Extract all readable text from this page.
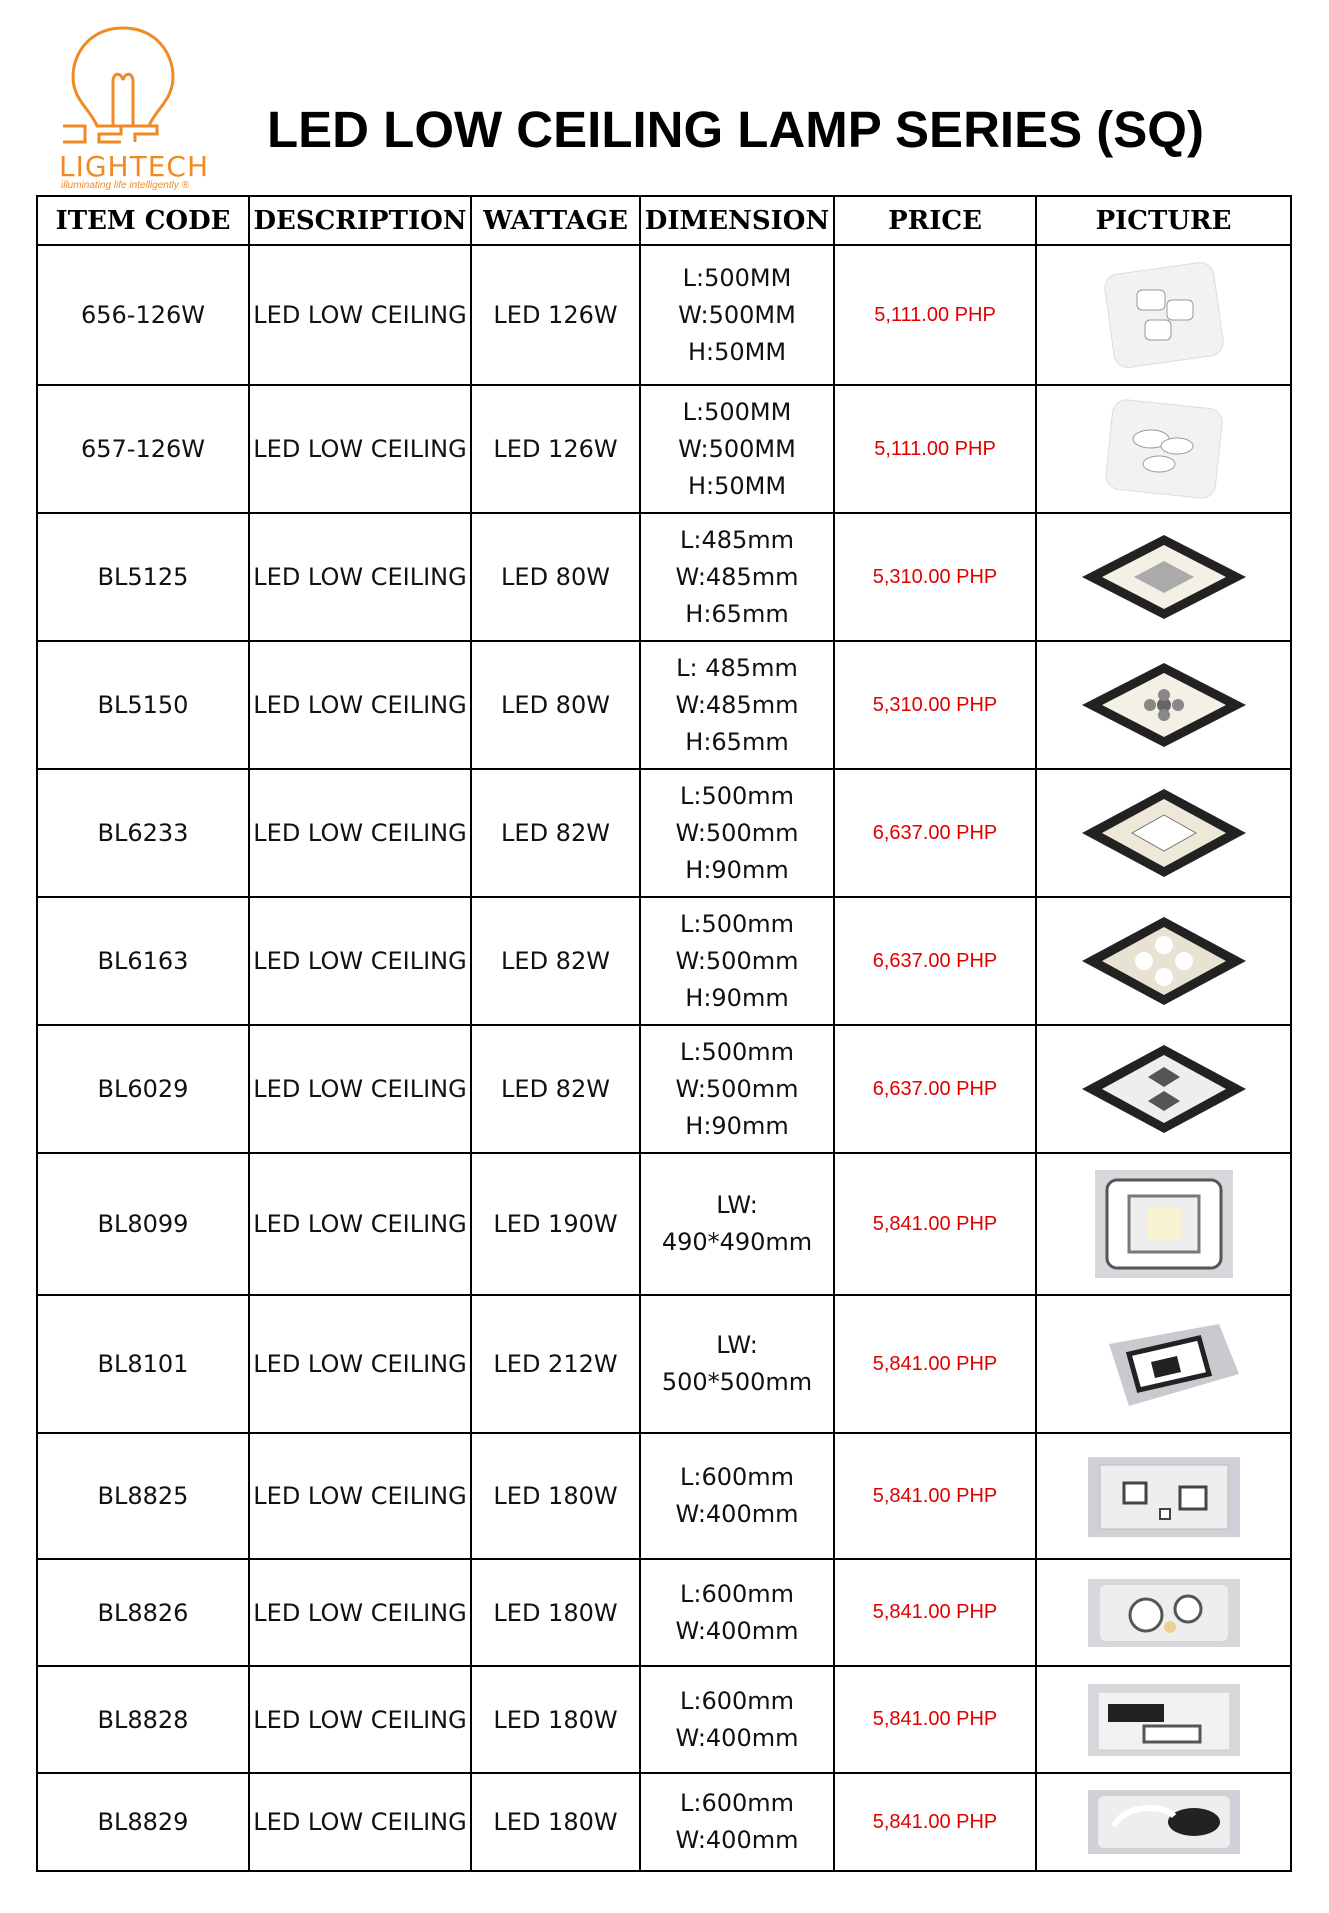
LIGHTECH
illuminating life intelligently ®
LED LOW CEILING LAMP SERIES (SQ)
ITEM CODE	DESCRIPTION	WATTAGE	DIMENSION	PRICE	PICTURE
656-126W	LED LOW CEILING	LED 126W	L:500MM
W:500MM
H:50MM	5,111.00 PHP	

657-126W	LED LOW CEILING	LED 126W	L:500MM
W:500MM
H:50MM	5,111.00 PHP	

BL5125	LED LOW CEILING	LED 80W	L:485mm
W:485mm
H:65mm	5,310.00 PHP	

BL5150	LED LOW CEILING	LED 80W	L: 485mm
W:485mm
H:65mm	5,310.00 PHP	

BL6233	LED LOW CEILING	LED 82W	L:500mm
W:500mm
H:90mm	6,637.00 PHP	

BL6163	LED LOW CEILING	LED 82W	L:500mm
W:500mm
H:90mm	6,637.00 PHP	

BL6029	LED LOW CEILING	LED 82W	L:500mm
W:500mm
H:90mm	6,637.00 PHP	

BL8099	LED LOW CEILING	LED 190W	LW:
490*490mm	5,841.00 PHP	

BL8101	LED LOW CEILING	LED 212W	LW:
500*500mm	5,841.00 PHP	

BL8825	LED LOW CEILING	LED 180W	L:600mm
W:400mm	5,841.00 PHP	

BL8826	LED LOW CEILING	LED 180W	L:600mm
W:400mm	5,841.00 PHP	

BL8828	LED LOW CEILING	LED 180W	L:600mm
W:400mm	5,841.00 PHP	

BL8829	LED LOW CEILING	LED 180W	L:600mm
W:400mm	5,841.00 PHP	
